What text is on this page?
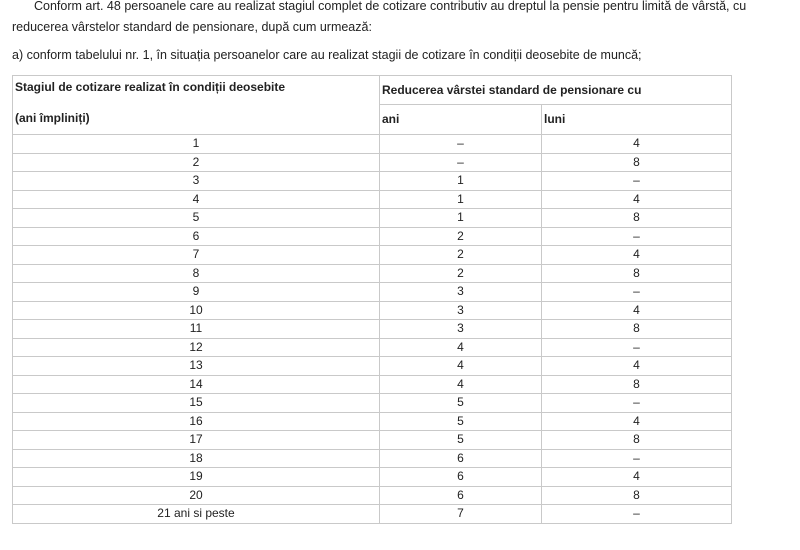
Conform art. 48 persoanele care au realizat stagiul complet de cotizare contributiv au dreptul la pensie pentru limită de vârstă, cu reducerea vârstelor standard de pensionare, după cum urmează:

a) conform tabelului nr. 1, în situația persoanelor care au realizat stagii de cotizare în condiții deosebite de muncă;

Stagiul de cotizare realizat în condiții deosebite
(ani împliniți)	Reducerea vârstei standard de pensionare cu	
	ani	luni
1	–	4
2	–	8
3	1	–
4	1	4
5	1	8
6	2	–
7	2	4
8	2	8
9	3	–
10	3	4
11	3	8
12	4	–
13	4	4
14	4	8
15	5	–
16	5	4
17	5	8
18	6	–
19	6	4
20	6	8
21 ani si peste	7	–
